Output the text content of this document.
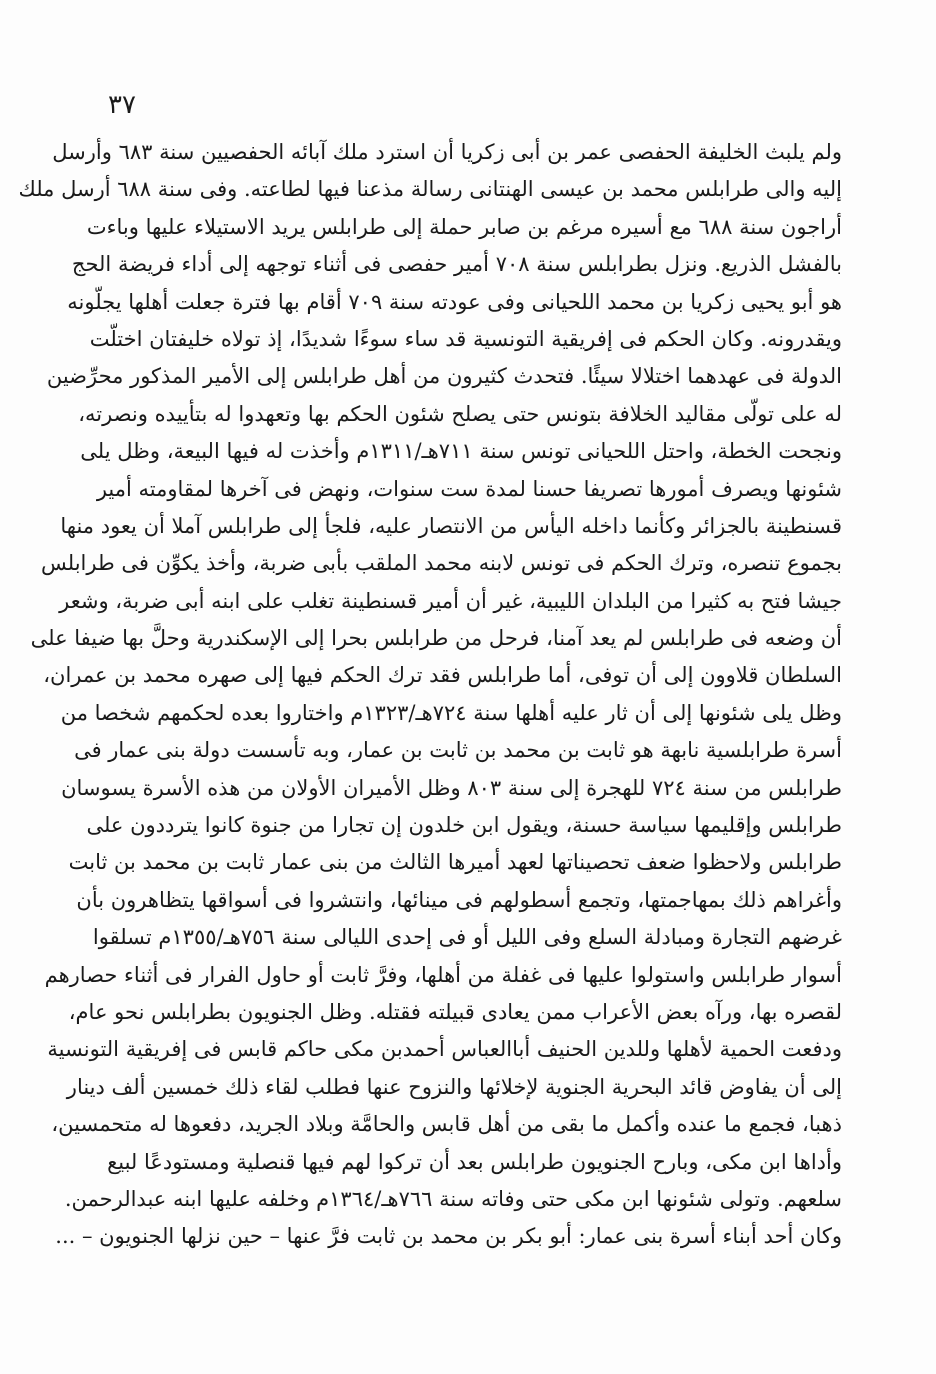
٣٧
ولم يلبث الخليفة الحفصى عمر بن أبى زكريا أن استرد ملك آبائه الحفصيين سنة ٦٨٣ وأرسل
إليه والى طرابلس محمد بن عيسى الهنتانى رسالة مذعنا فيها لطاعته. وفى سنة ٦٨٨ أرسل ملك
أراجون سنة ٦٨٨ مع أسيره مرغم بن صابر حملة إلى طرابلس يريد الاستيلاء عليها وباءت
بالفشل الذريع. ونزل بطرابلس سنة ٧٠٨ أمير حفصى فى أثناء توجهه إلى أداء فريضة الحج
هو أبو يحيى زكريا بن محمد اللحيانى وفى عودته سنة ٧٠٩ أقام بها فترة جعلت أهلها يجلّونه
ويقدرونه. وكان الحكم فى إفريقية التونسية قد ساء سوءًا شديدًا، إذ تولاه خليفتان اختلّت
الدولة فى عهدهما اختلالا سيئًا. فتحدث كثيرون من أهل طرابلس إلى الأمير المذكور محرِّضين
له على تولّى مقاليد الخلافة بتونس حتى يصلح شئون الحكم بها وتعهدوا له بتأييده ونصرته،
ونجحت الخطة، واحتل اللحيانى تونس سنة ٧١١هـ/١٣١١م وأخذت له فيها البيعة، وظل يلى
شئونها ويصرف أمورها تصريفا حسنا لمدة ست سنوات، ونهض فى آخرها لمقاومته أمير
قسنطينة بالجزائر وكأنما داخله اليأس من الانتصار عليه، فلجأ إلى طرابلس آملا أن يعود منها
بجموع تنصره، وترك الحكم فى تونس لابنه محمد الملقب بأبى ضربة، وأخذ يكوِّن فى طرابلس
جيشا فتح به كثيرا من البلدان الليبية، غير أن أمير قسنطينة تغلب على ابنه أبى ضربة، وشعر
أن وضعه فى طرابلس لم يعد آمنا، فرحل من طرابلس بحرا إلى الإسكندرية وحلَّ بها ضيفا على
السلطان قلاوون إلى أن توفى، أما طرابلس فقد ترك الحكم فيها إلى صهره محمد بن عمران،
وظل يلى شئونها إلى أن ثار عليه أهلها سنة ٧٢٤هـ/١٣٢٣م واختاروا بعده لحكمهم شخصا من
أسرة طرابلسية نابهة هو ثابت بن محمد بن ثابت بن عمار، وبه تأسست دولة بنى عمار فى
طرابلس من سنة ٧٢٤ للهجرة إلى سنة ٨٠٣ وظل الأميران الأولان من هذه الأسرة يسوسان
طرابلس وإقليمها سياسة حسنة، ويقول ابن خلدون إن تجارا من جنوة كانوا يترددون على
طرابلس ولاحظوا ضعف تحصيناتها لعهد أميرها الثالث من بنى عمار ثابت بن محمد بن ثابت
وأغراهم ذلك بمهاجمتها، وتجمع أسطولهم فى مينائها، وانتشروا فى أسواقها يتظاهرون بأن
غرضهم التجارة ومبادلة السلع وفى الليل أو فى إحدى الليالى سنة ٧٥٦هـ/١٣٥٥م تسلقوا
أسوار طرابلس واستولوا عليها فى غفلة من أهلها، وفرَّ ثابت أو حاول الفرار فى أثناء حصارهم
لقصره بها، ورآه بعض الأعراب ممن يعادى قبيلته فقتله. وظل الجنويون بطرابلس نحو عام،
ودفعت الحمية لأهلها وللدين الحنيف أباالعباس أحمدبن مكى حاكم قابس فى إفريقية التونسية
إلى أن يفاوض قائد البحرية الجنوية لإخلائها والنزوح عنها فطلب لقاء ذلك خمسين ألف دينار
ذهبا، فجمع ما عنده وأكمل ما بقى من أهل قابس والحامَّة وبلاد الجريد، دفعوها له متحمسين،
وأداها ابن مكى، وبارح الجنويون طرابلس بعد أن تركوا لهم فيها قنصلية ومستودعًا لبيع
سلعهم. وتولى شئونها ابن مكى حتى وفاته سنة ٧٦٦هـ/١٣٦٤م وخلفه عليها ابنه عبدالرحمن.
وكان أحد أبناء أسرة بنى عمار: أبو بكر بن محمد بن ثابت فرَّ عنها – حين نزلها الجنويون – ...
